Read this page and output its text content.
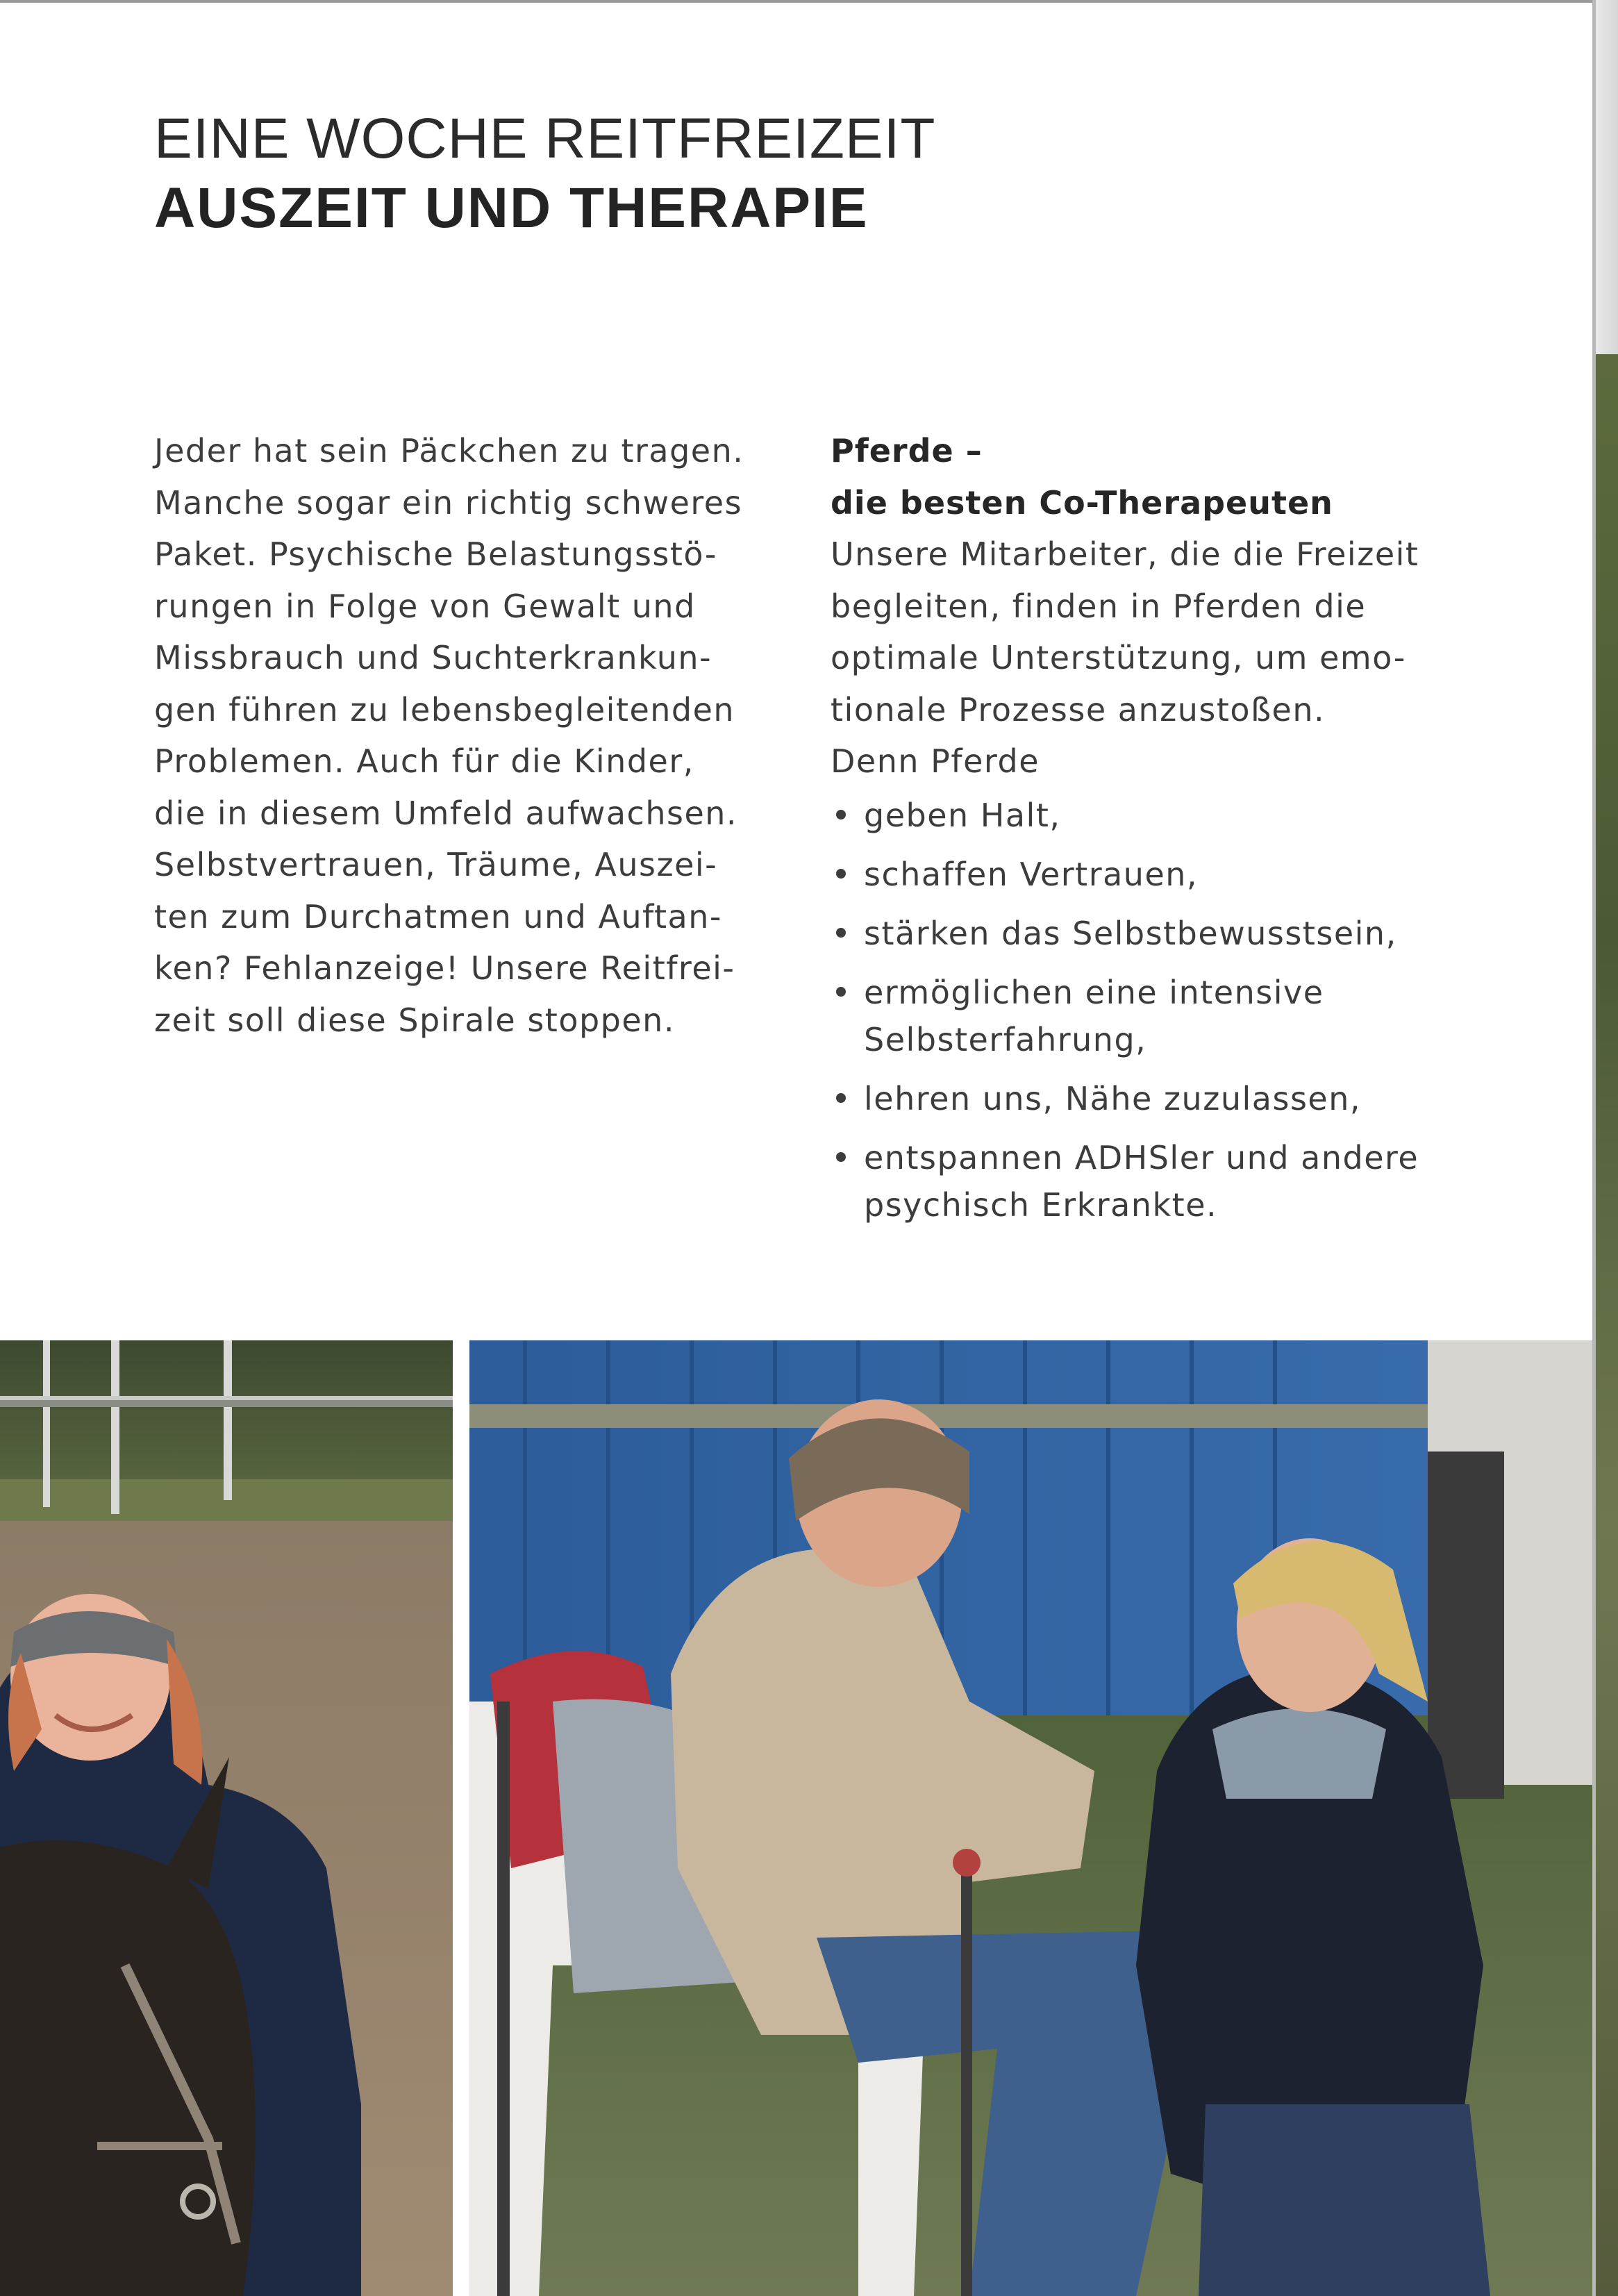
EINE WOCHE REITFREIZEIT
AUSZEIT UND THERAPIE

Jeder hat sein Päckchen zu tragen.
Manche sogar ein richtig schweres
Paket. Psychische Belastungsstö-
rungen in Folge von Gewalt und
Missbrauch und Suchterkrankun-
gen führen zu lebensbegleitenden
Problemen. Auch für die Kinder,
die in diesem Umfeld aufwachsen.
Selbstvertrauen, Träume, Auszei-
ten zum Durchatmen und Auftan-
ken? Fehlanzeige! Unsere Reitfrei-
zeit soll diese Spirale stoppen.

Pferde –
die besten Co-Therapeuten

Unsere Mitarbeiter, die die Freizeit
begleiten, finden in Pferden die
optimale Unterstützung, um emo-
tionale Prozesse anzustoßen.

Denn Pferde

geben Halt,
schaffen Vertrauen,
stärken das Selbstbewusstsein,
ermöglichen eine intensive
Selbsterfahrung,
lehren uns, Nähe zuzulassen,
entspannen ADHSler und andere
psychisch Erkrankte.
